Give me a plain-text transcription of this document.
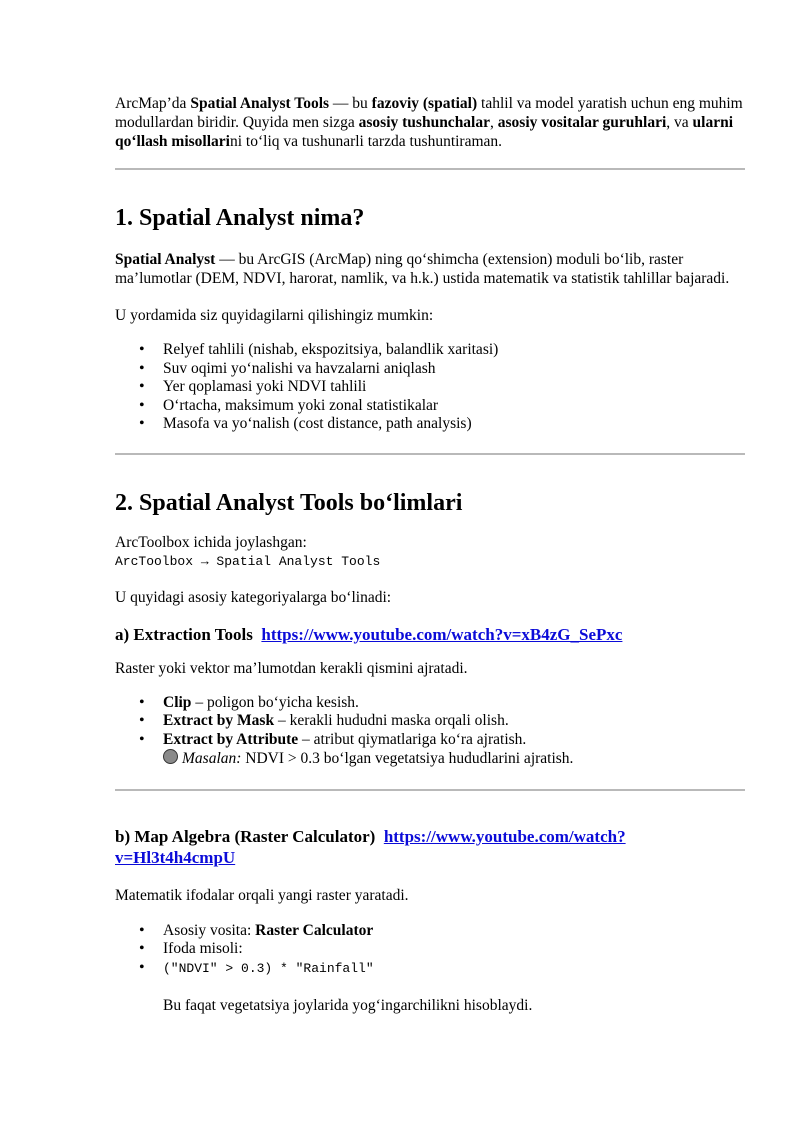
ArcMap’da Spatial Analyst Tools — bu fazoviy (spatial) tahlil va model yaratish uchun eng muhim modullardan biridir. Quyida men sizga asosiy tushunchalar, asosiy vositalar guruhlari, va ularni qo‘llash misollarini to‘liq va tushunarli tarzda tushuntiraman.

1. Spatial Analyst nima?

Spatial Analyst — bu ArcGIS (ArcMap) ning qo‘shimcha (extension) moduli bo‘lib, raster ma’lumotlar (DEM, NDVI, harorat, namlik, va h.k.) ustida matematik va statistik tahlillar bajaradi.

U yordamida siz quyidagilarni qilishingiz mumkin:

• Relyef tahlili (nishab, ekspozitsiya, balandlik xaritasi)
• Suv oqimi yo‘nalishi va havzalarni aniqlash
• Yer qoplamasi yoki NDVI tahlili
• O‘rtacha, maksimum yoki zonal statistikalar
• Masofa va yo‘nalish (cost distance, path analysis)
2. Spatial Analyst Tools bo‘limlari

ArcToolbox ichida joylashgan:

ArcToolbox → Spatial Analyst Tools

U quyidagi asosiy kategoriyalarga bo‘linadi:

a) Extraction Tools https://www.youtube.com/watch?v=xB4zG_SePxc

Raster yoki vektor ma’lumotdan kerakli qismini ajratadi.

• Clip – poligon bo‘yicha kesish.
• Extract by Mask – kerakli hududni maska orqali olish.
• Extract by Attribute – atribut qiymatlariga ko‘ra ajratish.
Masalan: NDVI > 0.3 bo‘lgan vegetatsiya hududlarini ajratish.
b) Map Algebra (Raster Calculator) https://www.youtube.com/watch?
v=Hl3t4h4cmpU

Matematik ifodalar orqali yangi raster yaratadi.

• Asosiy vosita: Raster Calculator
• Ifoda misoli:
• ("NDVI" > 0.3) * "Rainfall"

Bu faqat vegetatsiya joylarida yog‘ingarchilikni hisoblaydi.
